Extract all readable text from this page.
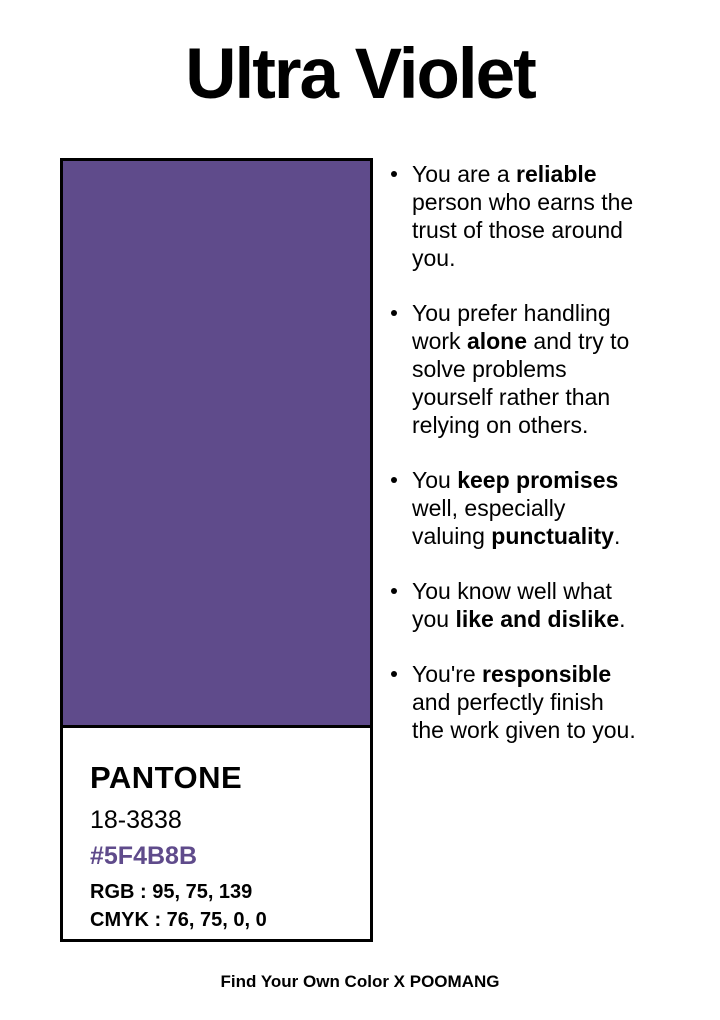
Ultra Violet
PANTONE
18-3838
#5F4B8B
RGB : 95, 75, 139
CMYK : 76, 75, 0, 0
You are a reliable person who earns the trust of those around you.
You prefer handling work alone and try to solve problems yourself rather than relying on others.
You keep promises well, especially valuing punctuality.
You know well what you like and dislike.
You're responsible and perfectly finish the work given to you.
Find Your Own Color X POOMANG
